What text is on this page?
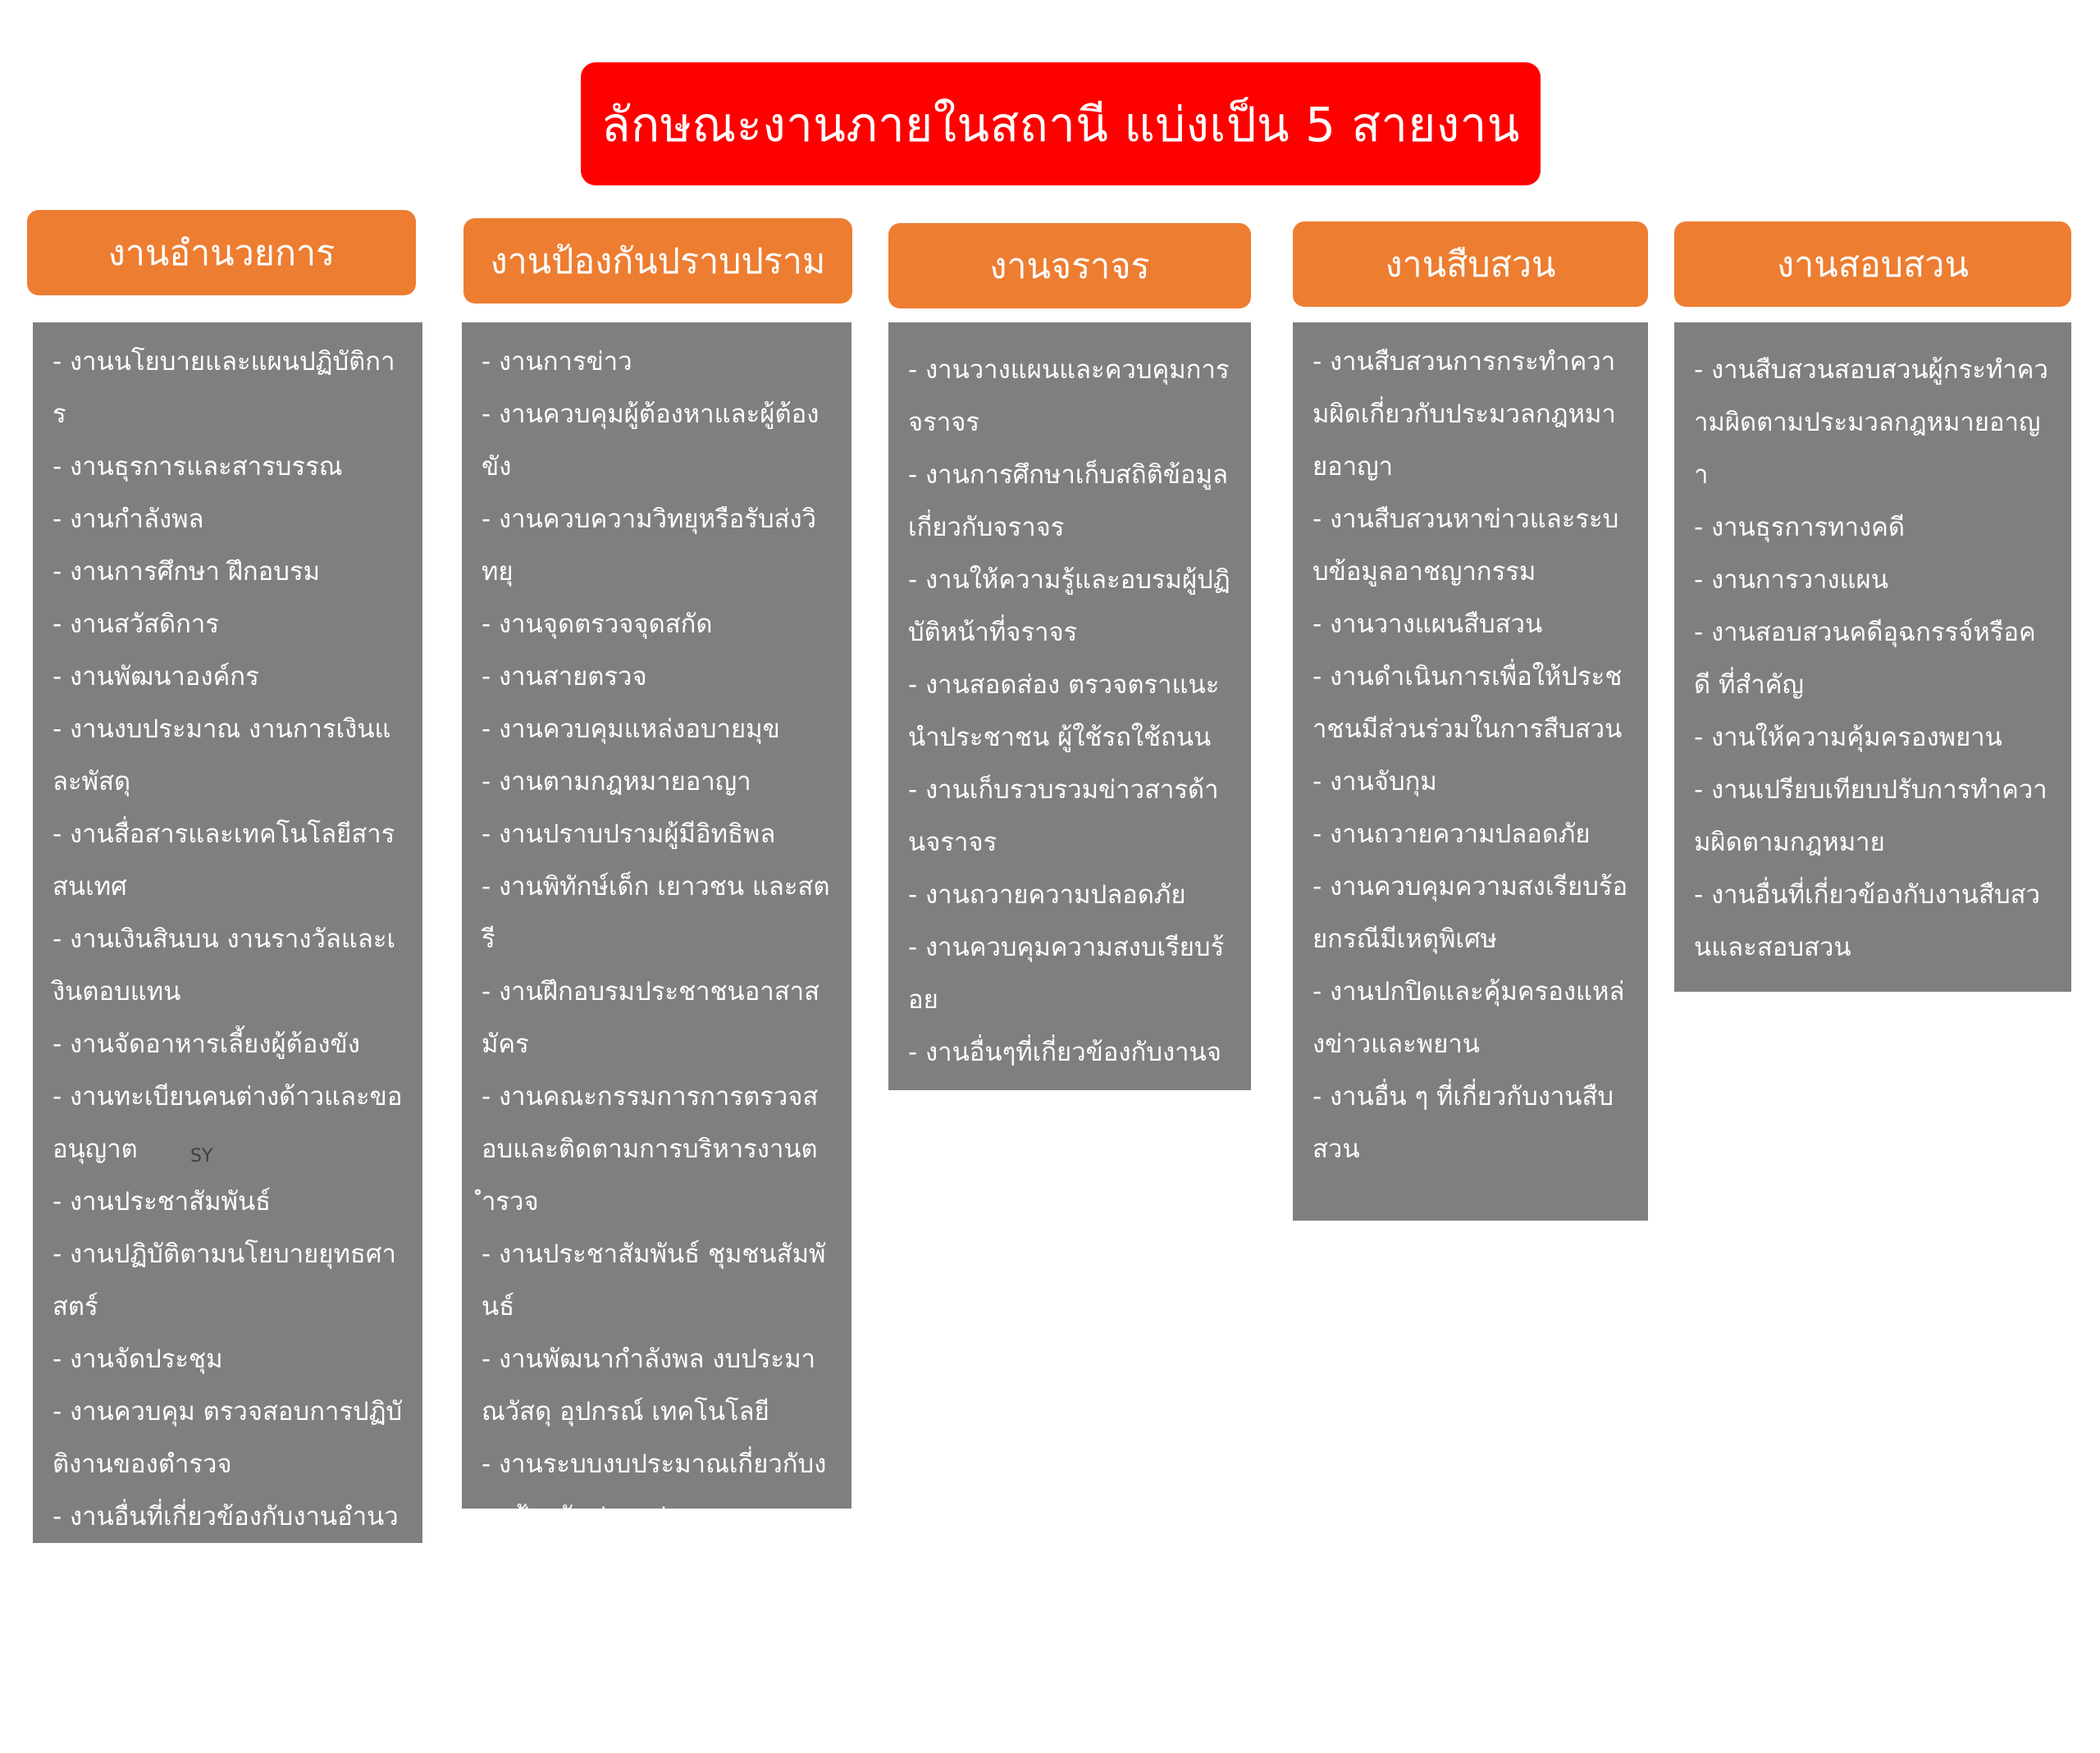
ลักษณะงานภายในสถานี แบ่งเป็น 5 สายงาน
งานอำนวยการ
- งานนโยบายและแผนปฏิบัติการ
- งานธุรการและสารบรรณ
- งานกำลังพล
- งานการศึกษา ฝึกอบรม
- งานสวัสดิการ
- งานพัฒนาองค์กร
- งานงบประมาณ งานการเงินและพัสดุ
- งานสื่อสารและเทคโนโลยีสารสนเทศ
- งานเงินสินบน งานรางวัลและเงินตอบแทน
- งานจัดอาหารเลี้ยงผู้ต้องขัง
- งานทะเบียนคนต่างด้าวและขออนุญาต
- งานประชาสัมพันธ์
- งานปฏิบัติตามนโยบายยุทธศาสตร์
- งานจัดประชุม
- งานควบคุม ตรวจสอบการปฏิบัติงานของตำรวจ
- งานอื่นที่เกี่ยวข้องกับงานอำนวยการ
งานป้องกันปราบปราม
- งานการข่าว
- งานควบคุมผู้ต้องหาและผู้ต้องขัง
- งานควบความวิทยุหรือรับส่งวิทยุ
- งานจุดตรวจจุดสกัด
- งานสายตรวจ
- งานควบคุมแหล่งอบายมุข
- งานตามกฎหมายอาญา
- งานปราบปรามผู้มีอิทธิพล
- งานพิทักษ์เด็ก เยาวชน และสตรี
- งานฝึกอบรมประชาชนอาสาสมัคร
- งานคณะกรรมการการตรวจสอบและติดตามการบริหารงานตำรวจ
- งานประชาสัมพันธ์ ชุมชนสัมพันธ์
- งานพัฒนากำลังพล งบประมาณวัสดุ อุปกรณ์ เทคโนโลยี
- งานระบบงบประมาณเกี่ยวกับงานป้องกันปราบปราม
- งานถวายความปลอดภัย
- งานควบคุมความสงบเรียบร้อย
- งานอื่นที่เกี่ยวกับงานป้องกันปราบปราม
งานจราจร
- งานวางแผนและควบคุมการจราจร
- งานการศึกษาเก็บสถิติข้อมูลเกี่ยวกับจราจร
- งานให้ความรู้และอบรมผู้ปฏิบัติหน้าที่จราจร
- งานสอดส่อง ตรวจตราแนะนำประชาชน ผู้ใช้รถใช้ถนน
- งานเก็บรวบรวมข่าวสารด้านจราจร
- งานถวายความปลอดภัย
- งานควบคุมความสงบเรียบร้อย
- งานอื่นๆที่เกี่ยวข้องกับงานจราจร
งานสืบสวน
- งานสืบสวนการกระทำความผิดเกี่ยวกับประมวลกฎหมายอาญา
- งานสืบสวนหาข่าวและระบบข้อมูลอาชญากรรม
- งานวางแผนสืบสวน
- งานดำเนินการเพื่อให้ประชาชนมีส่วนร่วมในการสืบสวน
- งานจับกุม
- งานถวายความปลอดภัย
- งานควบคุมความสงเรียบร้อยกรณีมีเหตุพิเศษ
- งานปกปิดและคุ้มครองแหล่งข่าวและพยาน
- งานอื่น ๆ ที่เกี่ยวกับงานสืบสวน
งานสอบสวน
- งานสืบสวนสอบสวนผู้กระทำความผิดตามประมวลกฎหมายอาญา
- งานธุรการทางคดี
- งานการวางแผน
- งานสอบสวนคดีอุฉกรรจ์หรือคดี ที่สำคัญ
- งานให้ความคุ้มครองพยาน
- งานเปรียบเทียบปรับการทำความผิดตามกฎหมาย
- งานอื่นที่เกี่ยวข้องกับงานสืบสวนและสอบสวน
SY
